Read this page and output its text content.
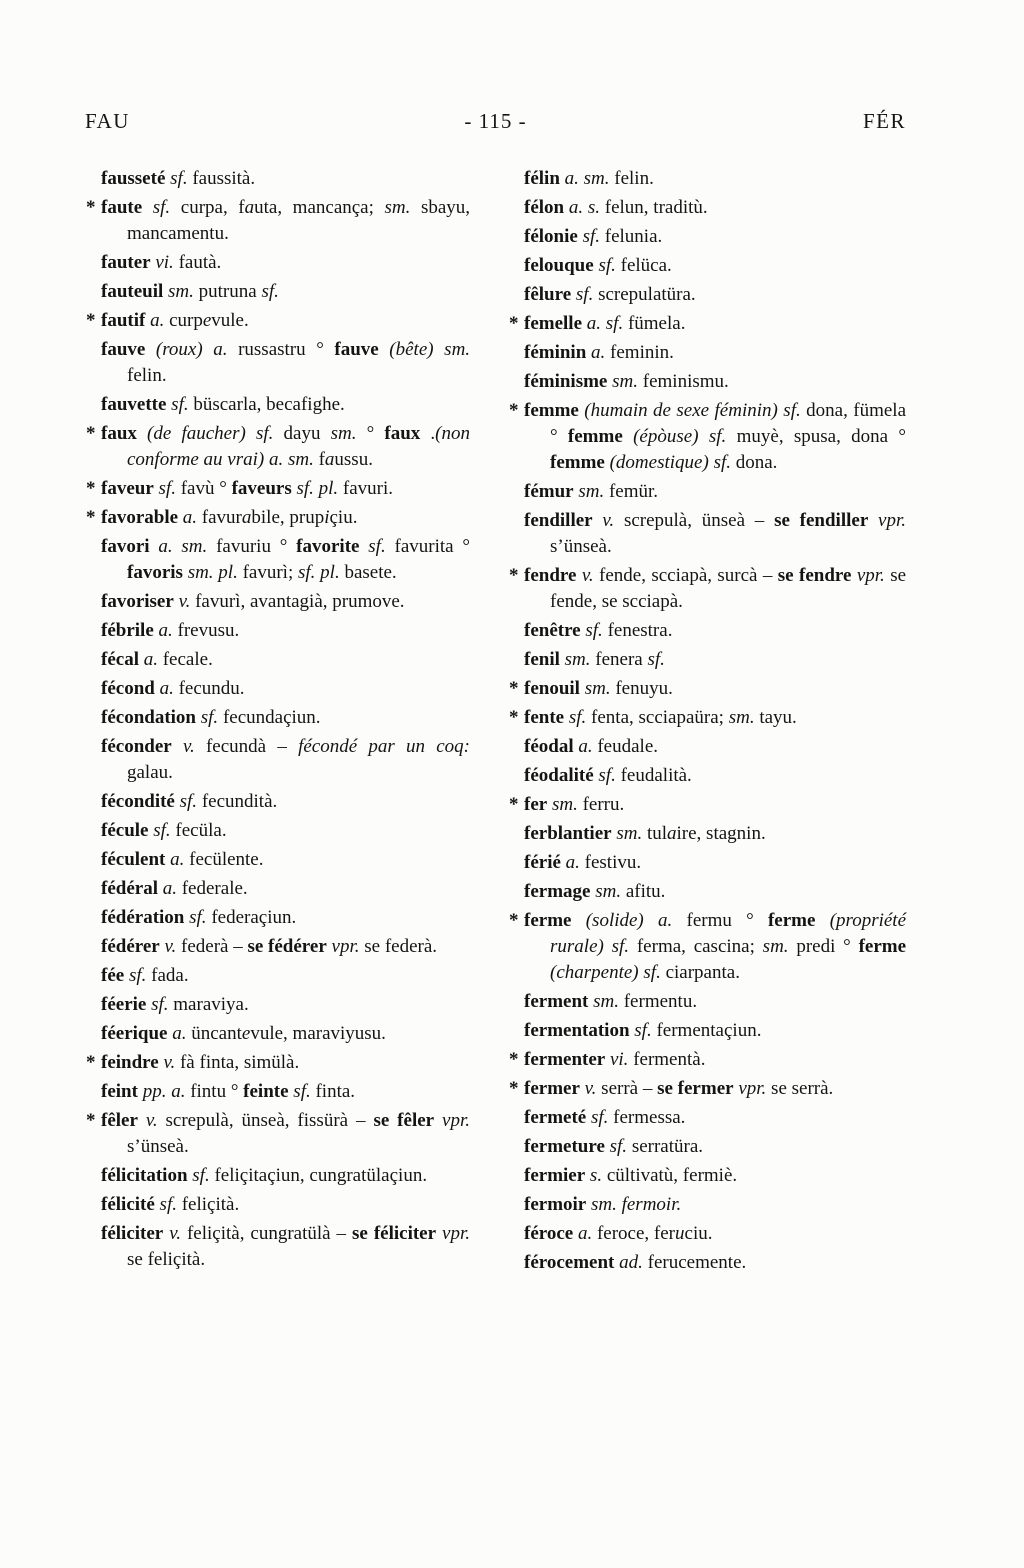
FAU	- 115 -	FÉR

fausseté sf. faussità.

* faute sf. curpa, fauta, mancança; sm. sbayu, mancamentu.

fauter vi. fautà.

fauteuil sm. putruna sf.

* fautif a. curpevule.

fauve (roux) a. russastru ° fauve (bête) sm. felin.

fauvette sf. büscarla, becafighe.

* faux (de faucher) sf. dayu sm. ° faux .(non conforme au vrai) a. sm. faussu.

* faveur sf. favù ° faveurs sf. pl. favuri.

* favorable a. favurabile, prupiçiu.

favori a. sm. favuriu ° favorite sf. favurita ° favoris sm. pl. favurì; sf. pl. basete.

favoriser v. favurì, avantagià, prumove.

fébrile a. frevusu.

fécal a. fecale.

fécond a. fecundu.

fécondation sf. fecundaçiun.

féconder v. fecundà – fécondé par un coq: galau.

fécondité sf. fecundità.

fécule sf. fecüla.

féculent a. fecülente.

fédéral a. federale.

fédération sf. federaçiun.

fédérer v. federà – se fédérer vpr. se federà.

fée sf. fada.

féerie sf. maraviya.

féerique a. üncantevule, maraviyusu.

* feindre v. fà finta, simülà.

feint pp. a. fintu ° feinte sf. finta.

* fêler v. screpulà, ünseà, fissürà – se fêler vpr. s’ünseà.

félicitation sf. feliçitaçiun, cungratülaçiun.

félicité sf. feliçità.

féliciter v. feliçità, cungratülà – se féliciter vpr. se feliçità.

félin a. sm. felin.

félon a. s. felun, traditù.

félonie sf. felunia.

felouque sf. felüca.

fêlure sf. screpulatüra.

* femelle a. sf. fümela.

féminin a. feminin.

féminisme sm. feminismu.

* femme (humain de sexe féminin) sf. dona, fümela ° femme (épòuse) sf. muyè, spusa, dona ° femme (domestique) sf. dona.

fémur sm. femür.

fendiller v. screpulà, ünseà – se fendiller vpr. s’ünseà.

* fendre v. fende, scciapà, surcà – se fendre vpr. se fende, se scciapà.

fenêtre sf. fenestra.

fenil sm. fenera sf.

* fenouil sm. fenuyu.

* fente sf. fenta, scciapaüra; sm. tayu.

féodal a. feudale.

féodalité sf. feudalità.

* fer sm. ferru.

ferblantier sm. tulaire, stagnin.

férié a. festivu.

fermage sm. afitu.

* ferme (solide) a. fermu ° ferme (propriété rurale) sf. ferma, cascina; sm. predi ° ferme (charpente) sf. ciarpanta.

ferment sm. fermentu.

fermentation sf. fermentaçiun.

* fermenter vi. fermentà.

* fermer v. serrà – se fermer vpr. se serrà.

fermeté sf. fermessa.

fermeture sf. serratüra.

fermier s. cültivatù, fermiè.

fermoir sm. fermoir.

féroce a. feroce, feruciu.

férocement ad. ferucemente.
